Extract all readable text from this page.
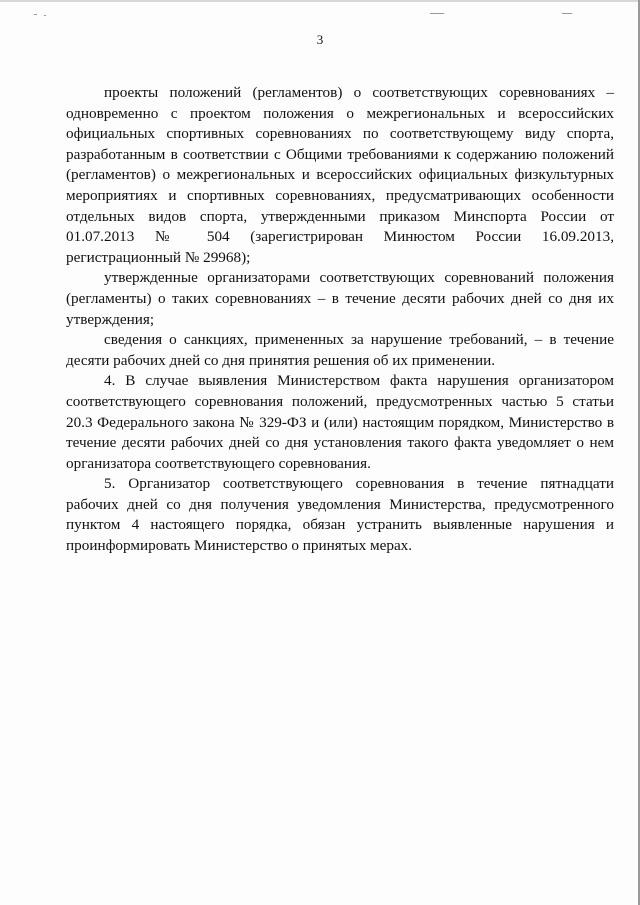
3

проекты положений (регламентов) о соответствующих соревнованиях – одновременно с проектом положения о межрегиональных и всероссийских официальных спортивных соревнованиях по соответствующему виду спорта, разработанным в соответствии с Общими требованиями к содержанию положений (регламентов) о межрегиональных и всероссийских официальных физкультурных мероприятиях и спортивных соревнованиях, предусматривающих особенности отдельных видов спорта, утвержденными приказом Минспорта России от 01.07.2013 № 504 (зарегистрирован Минюстом России 16.09.2013, регистрационный № 29968);

утвержденные организаторами соответствующих соревнований положения (регламенты) о таких соревнованиях – в течение десяти рабочих дней со дня их утверждения;

сведения о санкциях, примененных за нарушение требований, – в течение десяти рабочих дней со дня принятия решения об их применении.

4. В случае выявления Министерством факта нарушения организатором соответствующего соревнования положений, предусмотренных частью 5 статьи 20.3 Федерального закона № 329-ФЗ и (или) настоящим порядком, Министерство в течение десяти рабочих дней со дня установления такого факта уведомляет о нем организатора соответствующего соревнования.

5. Организатор соответствующего соревнования в течение пятнадцати рабочих дней со дня получения уведомления Министерства, предусмотренного пунктом 4 настоящего порядка, обязан устранить выявленные нарушения и проинформировать Министерство о принятых мерах.
